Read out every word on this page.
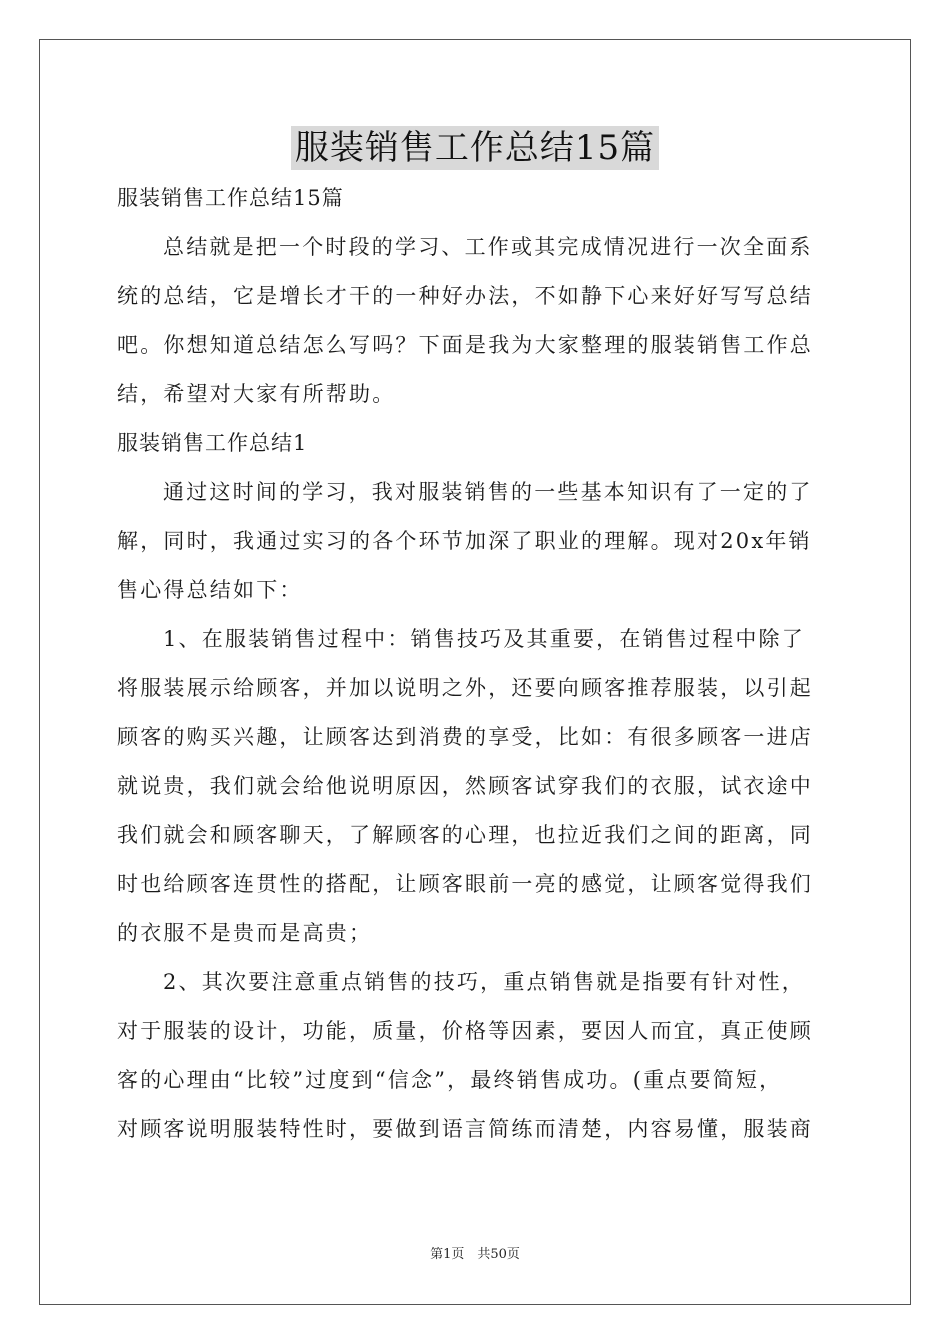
服装销售工作总结15篇
服装销售工作总结15篇
总结就是把一个时段的学习、工作或其完成情况进行一次全面系
统的总结，它是增长才干的一种好办法，不如静下心来好好写写总结
吧。你想知道总结怎么写吗？下面是我为大家整理的服装销售工作总
结，希望对大家有所帮助。
服装销售工作总结1
通过这时间的学习，我对服装销售的一些基本知识有了一定的了
解，同时，我通过实习的各个环节加深了职业的理解。现对20x年销
售心得总结如下：
1、在服装销售过程中：销售技巧及其重要，在销售过程中除了
将服装展示给顾客，并加以说明之外，还要向顾客推荐服装，以引起
顾客的购买兴趣，让顾客达到消费的享受，比如：有很多顾客一进店
就说贵，我们就会给他说明原因，然顾客试穿我们的衣服，试衣途中
我们就会和顾客聊天，了解顾客的心理，也拉近我们之间的距离，同
时也给顾客连贯性的搭配，让顾客眼前一亮的感觉，让顾客觉得我们
的衣服不是贵而是高贵；
2、其次要注意重点销售的技巧，重点销售就是指要有针对性，
对于服装的设计，功能，质量，价格等因素，要因人而宜，真正使顾
客的心理由“比较”过度到“信念”，最终销售成功。(重点要简短，
对顾客说明服装特性时，要做到语言简练而清楚，内容易懂，服装商
第1页　共50页
